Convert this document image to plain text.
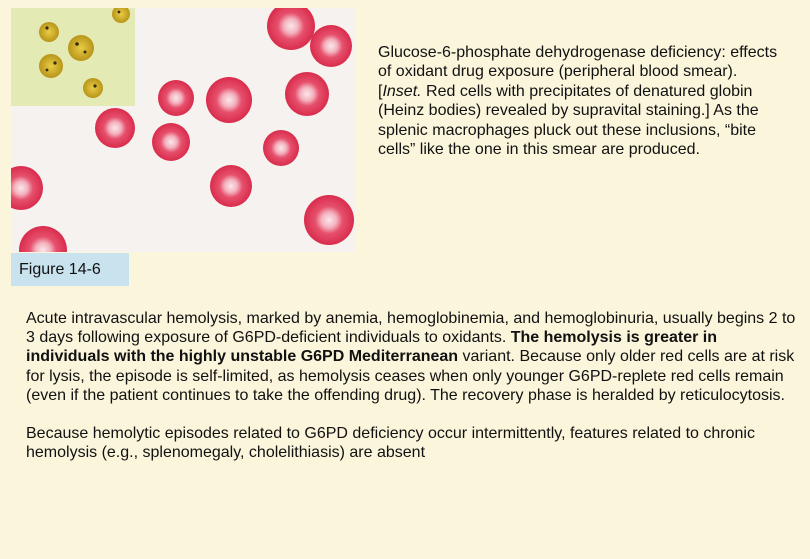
Glucose-6-phosphate dehydrogenase deficiency: effects of oxidant drug exposure (peripheral blood smear). [Inset. Red cells with precipitates of denatured globin (Heinz bodies) revealed by supravital staining.] As the splenic macrophages pluck out these inclusions, “bite cells” like the one in this smear are produced.

Figure 14-6

Acute intravascular hemolysis, marked by anemia, hemoglobinemia, and hemoglobinuria, usually begins 2 to 3 days following exposure of G6PD-deficient individuals to oxidants. The hemolysis is greater in individuals with the highly unstable G6PD Mediterranean variant. Because only older red cells are at risk for lysis, the episode is self-limited, as hemolysis ceases when only younger G6PD-replete red cells remain (even if the patient continues to take the offending drug). The recovery phase is heralded by reticulocytosis.

Because hemolytic episodes related to G6PD deficiency occur intermittently, features related to chronic hemolysis (e.g., splenomegaly, cholelithiasis) are absent
